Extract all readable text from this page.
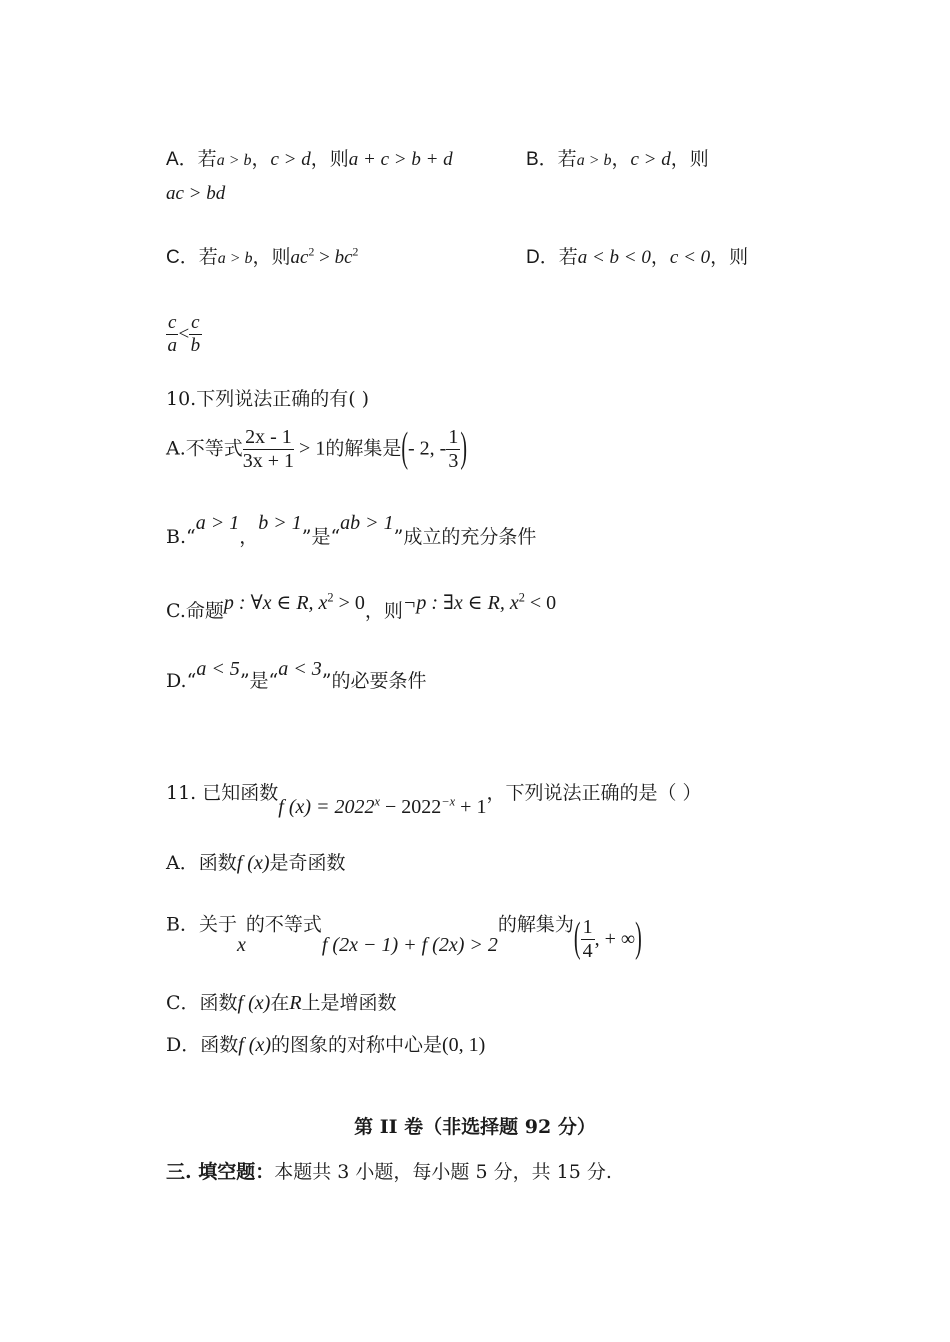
A．若a > b，c > d，则a + c > b + d	B．若a > b，c > d，则
ac > bd
C．若a > b，则$ac^2 > bc^2$	D．若a < b < 0，c < 0，则
$\frac{c}{a} < \frac{c}{b}$
10.下列说法正确的有( )
A.不等式 $\frac{2x - 1}{3x + 1} > 1$的解集是(- 2, - $\frac{1}{3}$ )
B.“a > 1，b > 1”是“ab > 1”成立的充分条件
C.命题p : ∀x ∈ R, $x^2 > 0$，则¬p : ∃x ∈ R, $x^2 < 0$
D.“a < 5”是“a < 3”的必要条件
11. 已知函数f $(x) = 2022^x - 2022^{-x} + 1$，下列说法正确的是（ ）
A．函数f (x)是奇函数
B．关于x的不等式f (2x − 1) + f (2x) > 2的解集为( $\frac{1}{4}$ , + ∞)
C．函数f (x)在R上是增函数
D．函数f (x)的图象的对称中心是(0, 1)
第 II 卷（非选择题 92 分）
三. 填空题：本题共 3 小题，每小题 5 分，共 15 分.
